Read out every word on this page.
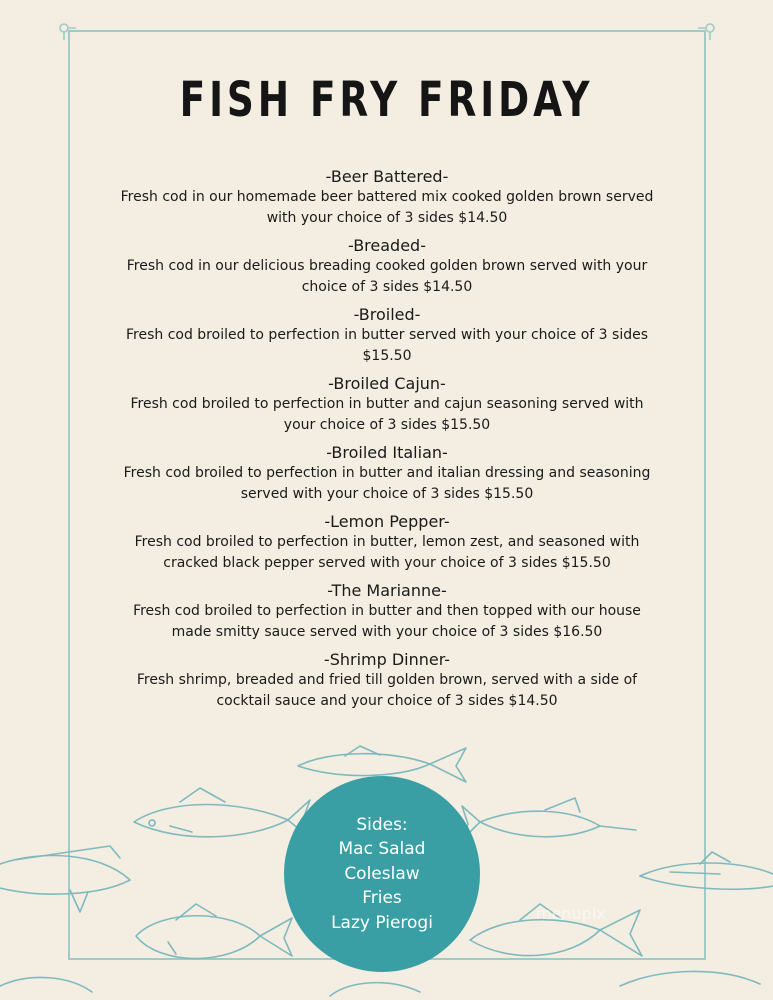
FISH FRY FRIDAY
-Beer Battered-
Fresh cod in our homemade beer battered mix cooked golden brown served
with your choice of 3 sides $14.50
-Breaded-
Fresh cod in our delicious breading cooked golden brown served with your
choice of 3 sides $14.50
-Broiled-
Fresh cod broiled to perfection in butter served with your choice of 3 sides
$15.50
-Broiled Cajun-
Fresh cod broiled to perfection in butter and cajun seasoning served with
your choice of 3 sides $15.50
-Broiled Italian-
Fresh cod broiled to perfection in butter and italian dressing and seasoning
served with your choice of 3 sides $15.50
-Lemon Pepper-
Fresh cod broiled to perfection in butter, lemon zest, and seasoned with
cracked black pepper served with your choice of 3 sides $15.50
-The Marianne-
Fresh cod broiled to perfection in butter and then topped with our house
made smitty sauce served with your choice of 3 sides $16.50
-Shrimp Dinner-
Fresh shrimp, breaded and fried till golden brown, served with a side of
cocktail sauce and your choice of 3 sides $14.50
Sides:
Mac Salad
Coleslaw
Fries
Lazy Pierogi	menupix
